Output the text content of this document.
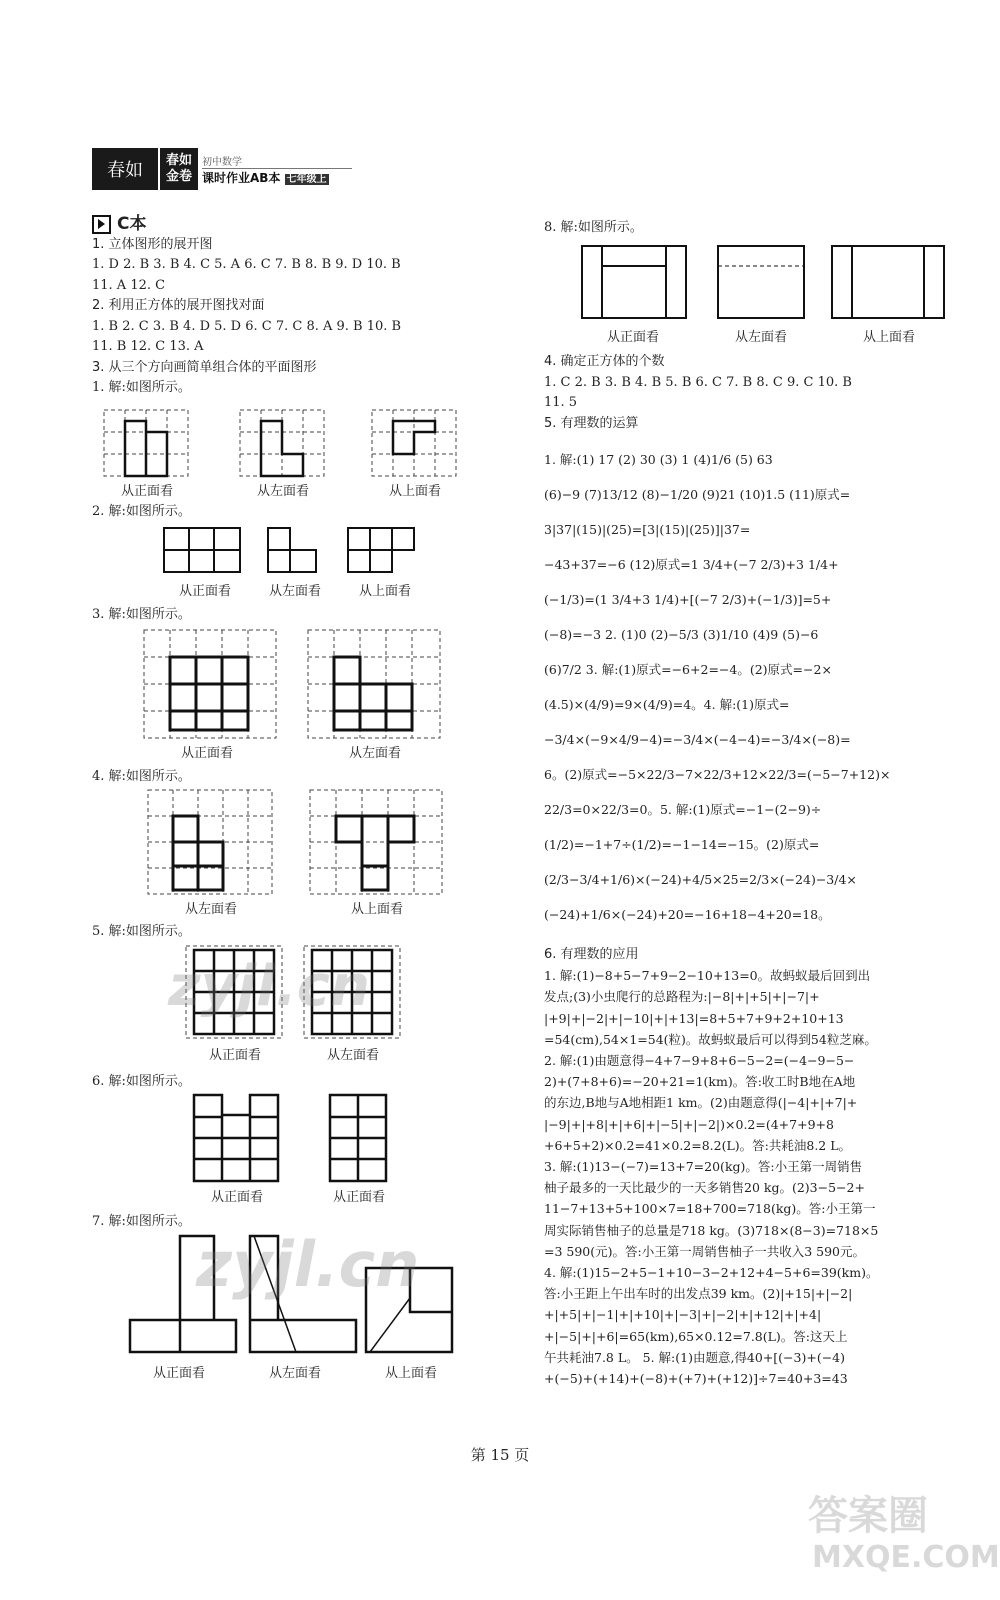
春如	春如
金卷
初中数学
课时作业AB本 七年级上
C本
1. 立体图形的展开图
1. D 2. B 3. B 4. C 5. A 6. C 7. B 8. B 9. D 10. B
11. A 12. C
2. 利用正方体的展开图找对面
1. B 2. C 3. B 4. D 5. D 6. C 7. C 8. A 9. B 10. B
11. B 12. C 13. A
3. 从三个方向画简单组合体的平面图形
1. 解:如图所示。
从正面看	从左面看	从上面看
2. 解:如图所示。
从正面看	从左面看	从上面看
3. 解:如图所示。
从正面看	从左面看
4. 解:如图所示。
从左面看	从上面看
5. 解:如图所示。
从正面看	从左面看
6. 解:如图所示。
从正面看	从正面看
7. 解:如图所示。
从正面看	从左面看	从上面看
8. 解:如图所示。
从正面看	从左面看	从上面看
4. 确定正方体的个数
1. C 2. B 3. B 4. B 5. B 6. C 7. B 8. C 9. C 10. B
11. 5
5. 有理数的运算
1. 解:(1) 17 (2) 30 (3) 1 (4)1/6 (5) 63
(6)−9 (7)13/12 (8)−1/20 (9)21 (10)1.5 (11)原式=
3|37|(15)|(25)=[3|(15)|(25)]|37=
−43+37=−6 (12)原式=1 3/4+(−7 2/3)+3 1/4+
(−1/3)=(1 3/4+3 1/4)+[(−7 2/3)+(−1/3)]=5+
(−8)=−3 2. (1)0 (2)−5/3 (3)1/10 (4)9 (5)−6
(6)7/2 3. 解:(1)原式=−6+2=−4。(2)原式=−2×
(4.5)×(4/9)=9×(4/9)=4。4. 解:(1)原式=
−3/4×(−9×4/9−4)=−3/4×(−4−4)=−3/4×(−8)=
6。(2)原式=−5×22/3−7×22/3+12×22/3=(−5−7+12)×
22/3=0×22/3=0。5. 解:(1)原式=−1−(2−9)÷
(1/2)=−1+7÷(1/2)=−1−14=−15。(2)原式=
(2/3−3/4+1/6)×(−24)+4/5×25=2/3×(−24)−3/4×
(−24)+1/6×(−24)+20=−16+18−4+20=18。
6. 有理数的应用
1. 解:(1)−8+5−7+9−2−10+13=0。故蚂蚁最后回到出
发点;(3)小虫爬行的总路程为:|−8|+|+5|+|−7|+
|+9|+|−2|+|−10|+|+13|=8+5+7+9+2+10+13
=54(cm),54×1=54(粒)。故蚂蚁最后可以得到54粒芝麻。
2. 解:(1)由题意得−4+7−9+8+6−5−2=(−4−9−5−
2)+(7+8+6)=−20+21=1(km)。答:收工时B地在A地
的东边,B地与A地相距1 km。(2)由题意得(|−4|+|+7|+
|−9|+|+8|+|+6|+|−5|+|−2|)×0.2=(4+7+9+8
+6+5+2)×0.2=41×0.2=8.2(L)。答:共耗油8.2 L。
3. 解:(1)13−(−7)=13+7=20(kg)。答:小王第一周销售
柚子最多的一天比最少的一天多销售20 kg。(2)3−5−2+
11−7+13+5+100×7=18+700=718(kg)。答:小王第一
周实际销售柚子的总量是718 kg。(3)718×(8−3)=718×5
=3 590(元)。答:小王第一周销售柚子一共收入3 590元。
4. 解:(1)15−2+5−1+10−3−2+12+4−5+6=39(km)。
答:小王距上午出车时的出发点39 km。(2)|+15|+|−2|
+|+5|+|−1|+|+10|+|−3|+|−2|+|+12|+|+4|
+|−5|+|+6|=65(km),65×0.12=7.8(L)。答:这天上
午共耗油7.8 L。 5. 解:(1)由题意,得40+[(−3)+(−4)
+(−5)+(+14)+(−8)+(+7)+(+12)]÷7=40+3=43
第 15 页
zyjl.cn
zyjl.cn
答案圈
MXQE.COM
